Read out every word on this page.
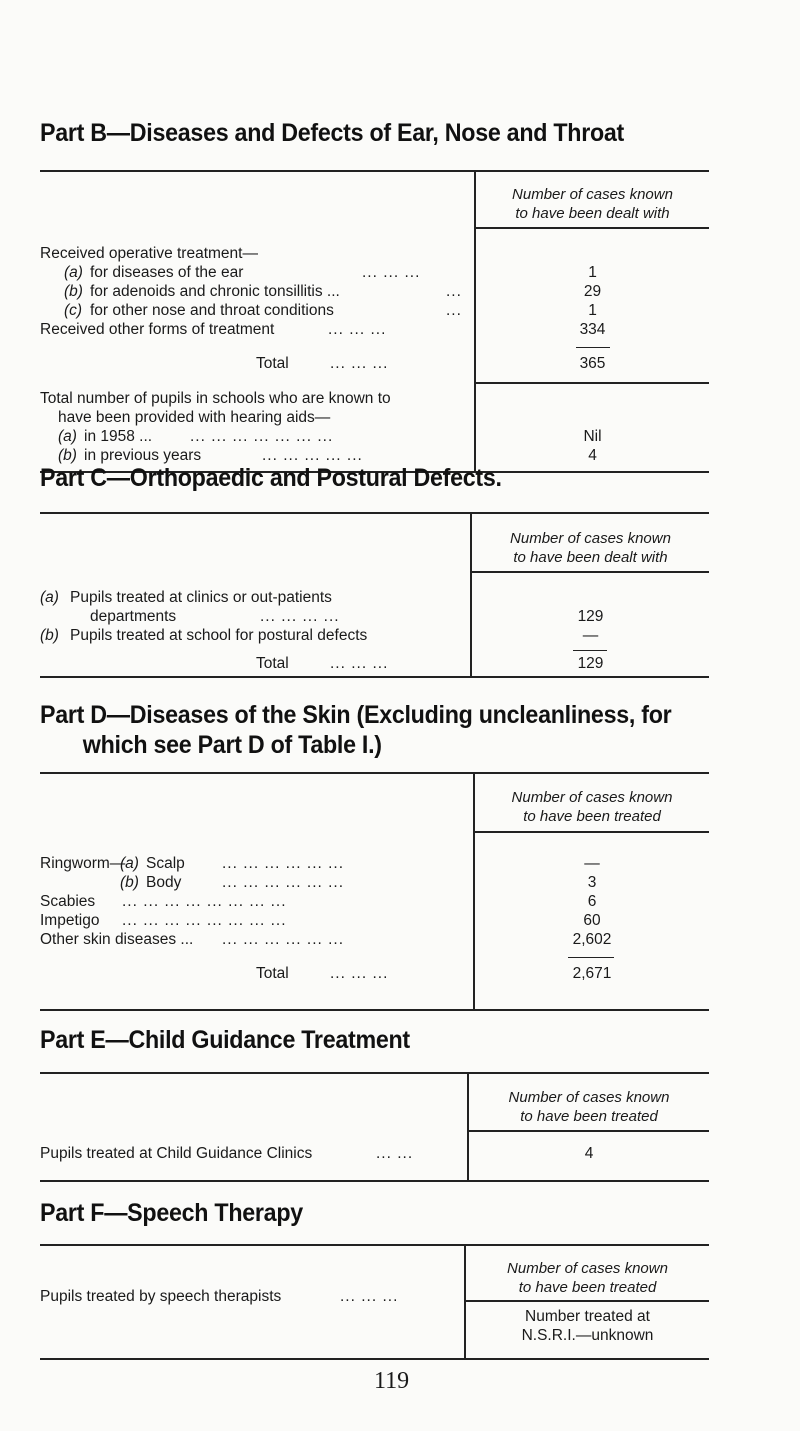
Part B—Diseases and Defects of Ear, Nose and Throat
Number of cases known
to have been dealt with
Received operative treatment—
(a) for diseases of the ear	... ... ...	1
(b) for adenoids and chronic tonsillitis ...	...	29
(c) for other nose and throat conditions	...	1
Received other forms of treatment	... ... ...	334
Total	... ... ...	365
Total number of pupils in schools who are known to
have been provided with hearing aids—
(a) in 1958 ... ... ... ... ... ... ... ...	Nil
(b) in previous years	... ... ... ... ...	4
Part C—Orthopaedic and Postural Defects.
Number of cases known
to have been dealt with
(a) Pupils treated at clinics or out-patients
departments	... ... ... ...	129
(b) Pupils treated at school for postural defects	—
Total	... ... ...	129
Part D—Diseases of the Skin (Excluding uncleanliness, for
which see Part D of Table I.)
Number of cases known
to have been treated
Ringworm—
(a) Scalp ... ... ... ... ... ...	—
(b) Body	... ... ... ... ... ...	3
Scabies ... ... ... ... ... ... ... ...	6
Impetigo ... ... ... ... ... ... ... ...	60
Other skin diseases ... ... ... ... ... ... ...	2,602
Total	... ... ...	2,671
Part E—Child Guidance Treatment
Number of cases known
to have been treated
Pupils treated at Child Guidance Clinics	... ...	4
Part F—Speech Therapy
Number of cases known
to have been treated
Pupils treated by speech therapists	... ... ...
Number treated at
N.S.R.I.—unknown
119
